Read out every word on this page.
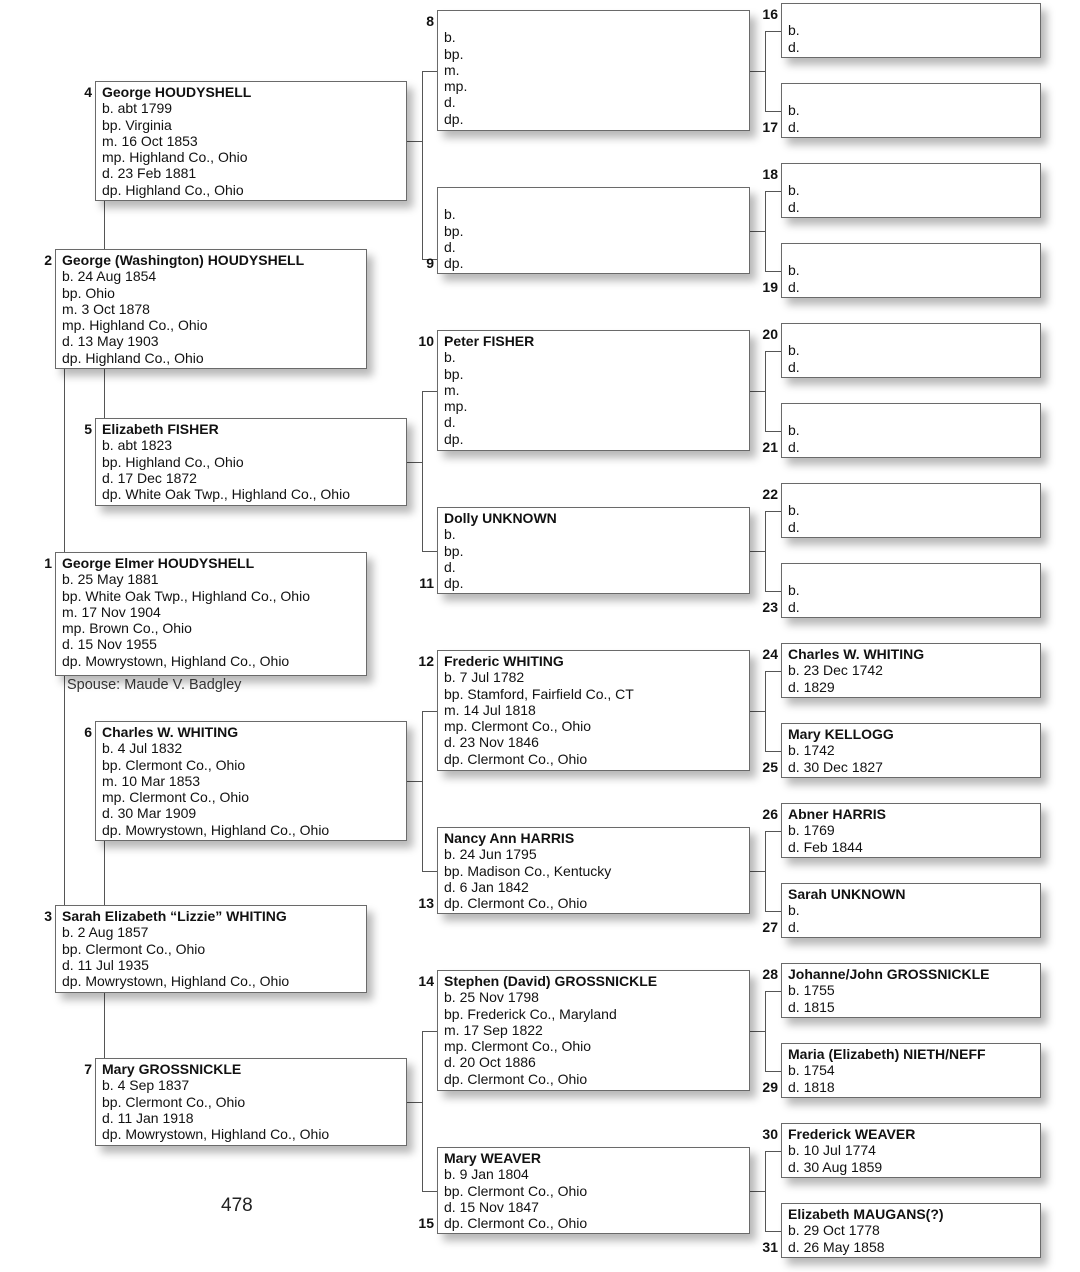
George Elmer HOUDYSHELL
b. 25 May 1881
bp. White Oak Twp., Highland Co., Ohio
m. 17 Nov 1904
mp. Brown Co., Ohio
d. 15 Nov 1955
dp. Mowrystown, Highland Co., Ohio
1
George (Washington) HOUDYSHELL
b. 24 Aug 1854
bp. Ohio
m. 3 Oct 1878
mp. Highland Co., Ohio
d. 13 May 1903
dp. Highland Co., Ohio
2
Sarah Elizabeth “Lizzie” WHITING
b. 2 Aug 1857
bp. Clermont Co., Ohio
d. 11 Jul 1935
dp. Mowrystown, Highland Co., Ohio
3
George HOUDYSHELL
b. abt 1799
bp. Virginia
m. 16 Oct 1853
mp. Highland Co., Ohio
d. 23 Feb 1881
dp. Highland Co., Ohio
4
Elizabeth FISHER
b. abt 1823
bp. Highland Co., Ohio
d. 17 Dec 1872
dp. White Oak Twp., Highland Co., Ohio
5
Charles W. WHITING
b. 4 Jul 1832
bp. Clermont Co., Ohio
m. 10 Mar 1853
mp. Clermont Co., Ohio
d. 30 Mar 1909
dp. Mowrystown, Highland Co., Ohio
6
Mary GROSSNICKLE
b. 4 Sep 1837
bp. Clermont Co., Ohio
d. 11 Jan 1918
dp. Mowrystown, Highland Co., Ohio
7

b.
bp.
m.
mp.
d.
dp.
8

b.
bp.
d.
dp.
9
Peter FISHER
b.
bp.
m.
mp.
d.
dp.
10
Dolly UNKNOWN
b.
bp.
d.
dp.
11
Frederic WHITING
b. 7 Jul 1782
bp. Stamford, Fairfield Co., CT
m. 14 Jul 1818
mp. Clermont Co., Ohio
d. 23 Nov 1846
dp. Clermont Co., Ohio
12
Nancy Ann HARRIS
b. 24 Jun 1795
bp. Madison Co., Kentucky
d. 6 Jan 1842
dp. Clermont Co., Ohio
13
Stephen (David) GROSSNICKLE
b. 25 Nov 1798
bp. Frederick Co., Maryland
m. 17 Sep 1822
mp. Clermont Co., Ohio
d. 20 Oct 1886
dp. Clermont Co., Ohio
14
Mary WEAVER
b. 9 Jan 1804
bp. Clermont Co., Ohio
d. 15 Nov 1847
dp. Clermont Co., Ohio
15

b.
d.
16

b.
d.
17

b.
d.
18

b.
d.
19

b.
d.
20

b.
d.
21

b.
d.
22

b.
d.
23
Charles W. WHITING
b. 23 Dec 1742
d. 1829
24
Mary KELLOGG
b. 1742
d. 30 Dec 1827
25
Abner HARRIS
b. 1769
d. Feb 1844
26
Sarah UNKNOWN
b.
d.
27
Johanne/John GROSSNICKLE
b. 1755
d. 1815
28
Maria (Elizabeth) NIETH/NEFF
b. 1754
d. 1818
29
Frederick WEAVER
b. 10 Jul 1774
d. 30 Aug 1859
30
Elizabeth MAUGANS(?)
b. 29 Oct 1778
d. 26 May 1858
31
Spouse: Maude V. Badgley
478
